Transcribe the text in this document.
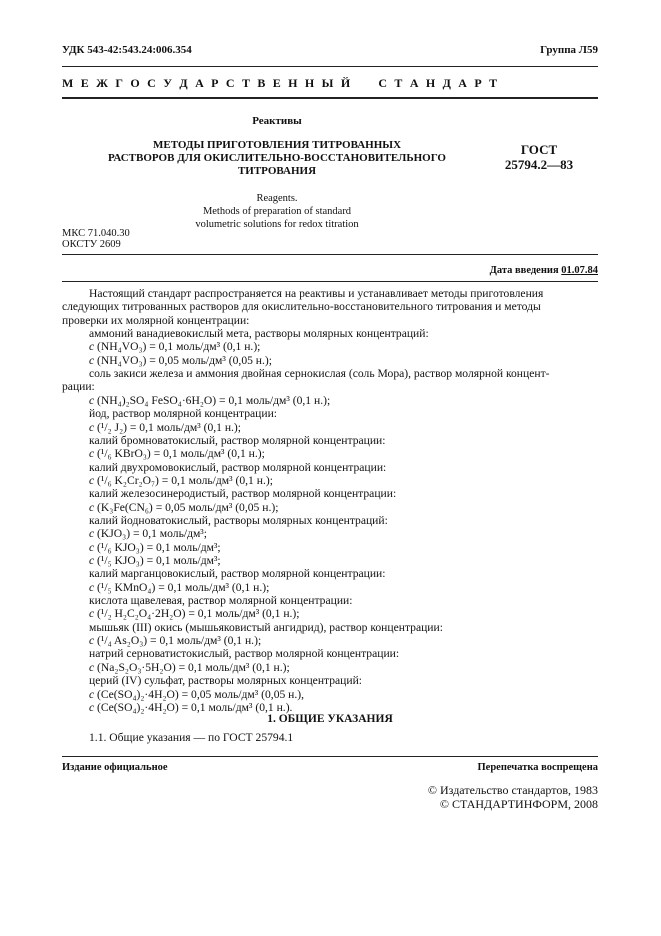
УДК 543-42:543.24:006.354	Группа Л59
М Е Ж Г О С У Д А Р С Т В Е Н Н Ы Й     С Т А Н Д А Р Т
Реактивы
МЕТОДЫ ПРИГОТОВЛЕНИЯ ТИТРОВАННЫХ
РАСТВОРОВ ДЛЯ ОКИСЛИТЕЛЬНО-ВОССТАНОВИТЕЛЬНОГО
ТИТРОВАНИЯ
ГОСТ
25794.2—83
Reagents.
Methods of preparation of standard
volumetric solutions for redox titration
МКС 71.040.30
ОКСТУ 2609
Дата введения 01.07.84
Настоящий стандарт распространяется на реактивы и устанавливает методы приготовления
следующих титрованных растворов для окислительно-восстановительного титрования и методы
проверки их молярной концентрации:
аммоний ванадиевокислый мета, растворы молярных концентраций:
c (NH₄VO₃) = 0,1 моль/дм³ (0,1 н.);
c (NH₄VO₃) = 0,05 моль/дм³ (0,05 н.);
соль закиси железа и аммония двойная сернокислая (соль Мора), раствор молярной концент-
рации:
c (NH₄)₂SO₄ FeSO₄·6H₂O) = 0,1 моль/дм³ (0,1 н.);
йод, раствор молярной концентрации:
c (¹/₂ J₂) = 0,1 моль/дм³ (0,1 н.);
калий бромноватокислый, раствор молярной концентрации:
c (¹/₆ KBrO₃) = 0,1 моль/дм³ (0,1 н.);
калий двухромовокислый, раствор молярной концентрации:
c (¹/₆ K₂Cr₂O₇) = 0,1 моль/дм³ (0,1 н.);
калий железосинеродистый, раствор молярной концентрации:
c (K₃Fe(CN₆) = 0,05 моль/дм³ (0,05 н.);
калий йодноватокислый, растворы молярных концентраций:
c (KJO₃) = 0,1 моль/дм³;
c (¹/₆ KJO₃) = 0,1 моль/дм³;
c (¹/₅ KJO₃) = 0,1 моль/дм³;
калий марганцовокислый, раствор молярной концентрации:
c (¹/₅ KMnO₄) = 0,1 моль/дм³ (0,1 н.);
кислота щавелевая, раствор молярной концентрации:
c (¹/₂ H₂C₂O₄·2H₂O) = 0,1 моль/дм³ (0,1 н.);
мышьяк (III) окись (мышьяковистый ангидрид), раствор концентрации:
c (¹/₄ As₂O₃) = 0,1 моль/дм³ (0,1 н.);
натрий серноватистокислый, раствор молярной концентрации:
c (Na₂S₂O₃·5H₂O) = 0,1 моль/дм³ (0,1 н.);
церий (IV) сульфат, растворы молярных концентраций:
c (Ce(SO₄)₂·4H₂O) = 0,05 моль/дм³ (0,05 н.),
c (Ce(SO₄)₂·4H₂O) = 0,1 моль/дм³ (0,1 н.).
1. ОБЩИЕ УКАЗАНИЯ
1.1. Общие указания — по ГОСТ 25794.1
Издание официальное	Перепечатка воспрещена
© Издательство стандартов, 1983
© СТАНДАРТИНФОРМ, 2008
